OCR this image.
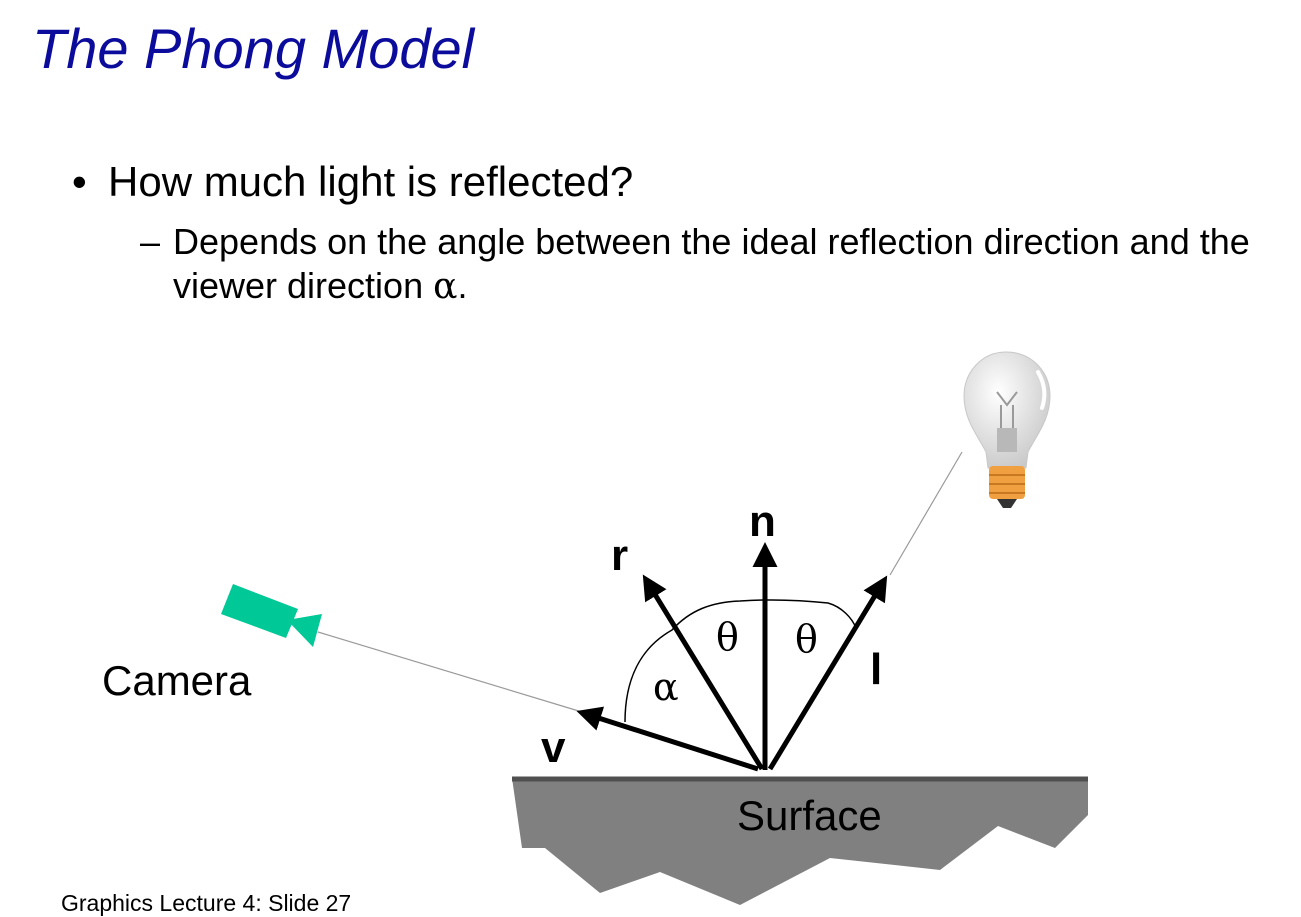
The Phong Model
• How much light is reflected?
– Depends on the angle between the ideal reflection direction and the viewer direction α.
Surface
Camera
n
r
l
v
θ θ
α
Graphics Lecture 4: Slide 27
